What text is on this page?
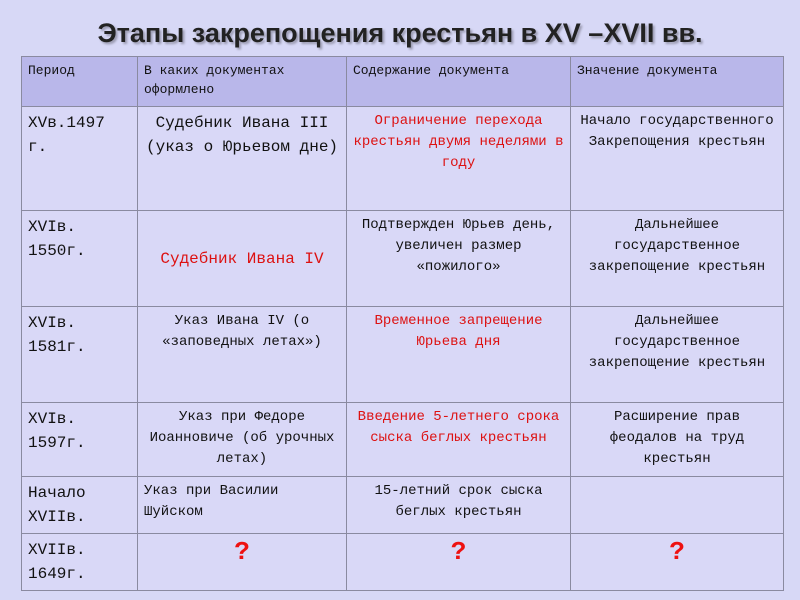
Этапы закрепощения крестьян в XV –XVII вв.
Период	В каких документах оформлено	Содержание документа	Значение документа
XVв.1497 г.	Судебник Ивана III (указ о Юрьевом дне)	Ограничение перехода крестьян двумя неделями в году	Начало государственного Закрепощения крестьян
XVIв. 1550г.	Судебник Ивана IV	Подтвержден Юрьев день, увеличен размер «пожилого»	Дальнейшее государственное закрепощение крестьян
XVIв. 1581г.	Указ Ивана IV (о «заповедных летах»)	Временное запрещение Юрьева дня	Дальнейшее государственное закрепощение крестьян
XVIв. 1597г.	Указ при Федоре Иоанновиче (об урочных летах)	Введение 5-летнего срока сыска беглых крестьян	Расширение прав феодалов на труд крестьян
Начало XVIIв.	Указ при Василии Шуйском	15-летний срок сыска беглых крестьян	
XVIIв. 1649г.	?	?	?
